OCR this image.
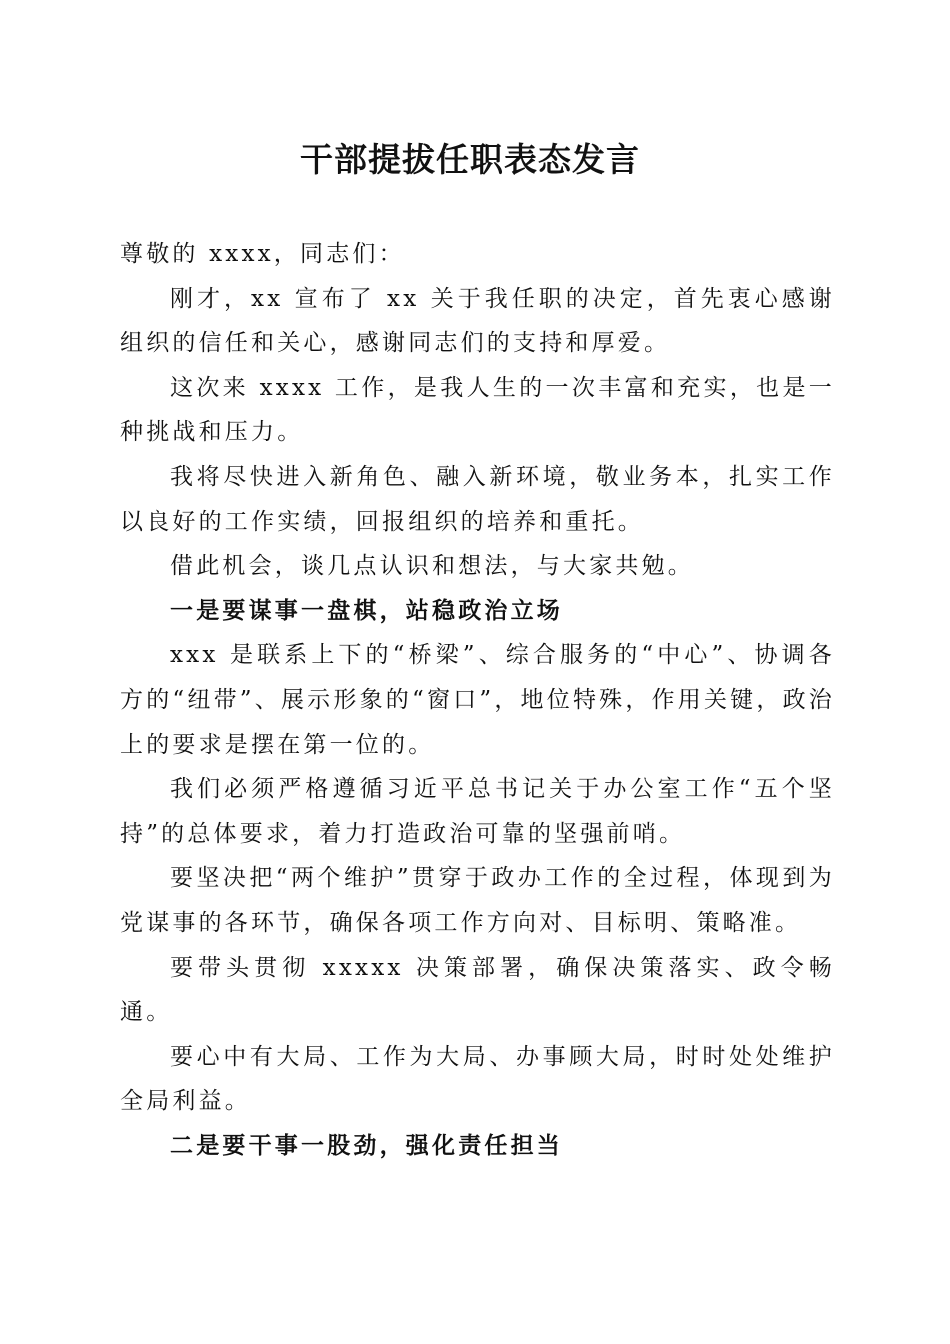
干部提拔任职表态发言

尊敬的 xxxx，同志们：

刚才，xx 宣布了 xx 关于我任职的决定，首先衷心感谢组织的信任和关心，感谢同志们的支持和厚爱。

这次来 xxxx 工作，是我人生的一次丰富和充实，也是一种挑战和压力。

我将尽快进入新角色、融入新环境，敬业务本，扎实工作以良好的工作实绩，回报组织的培养和重托。

借此机会，谈几点认识和想法，与大家共勉。

一是要谋事一盘棋，站稳政治立场

xxx 是联系上下的“桥梁”、综合服务的“中心”、协调各方的“纽带”、展示形象的“窗口”，地位特殊，作用关键，政治上的要求是摆在第一位的。

我们必须严格遵循习近平总书记关于办公室工作“五个坚持”的总体要求，着力打造政治可靠的坚强前哨。

要坚决把“两个维护”贯穿于政办工作的全过程，体现到为党谋事的各环节，确保各项工作方向对、目标明、策略准。

要带头贯彻 xxxxx 决策部署，确保决策落实、政令畅通。

要心中有大局、工作为大局、办事顾大局，时时处处维护全局利益。

二是要干事一股劲，强化责任担当
